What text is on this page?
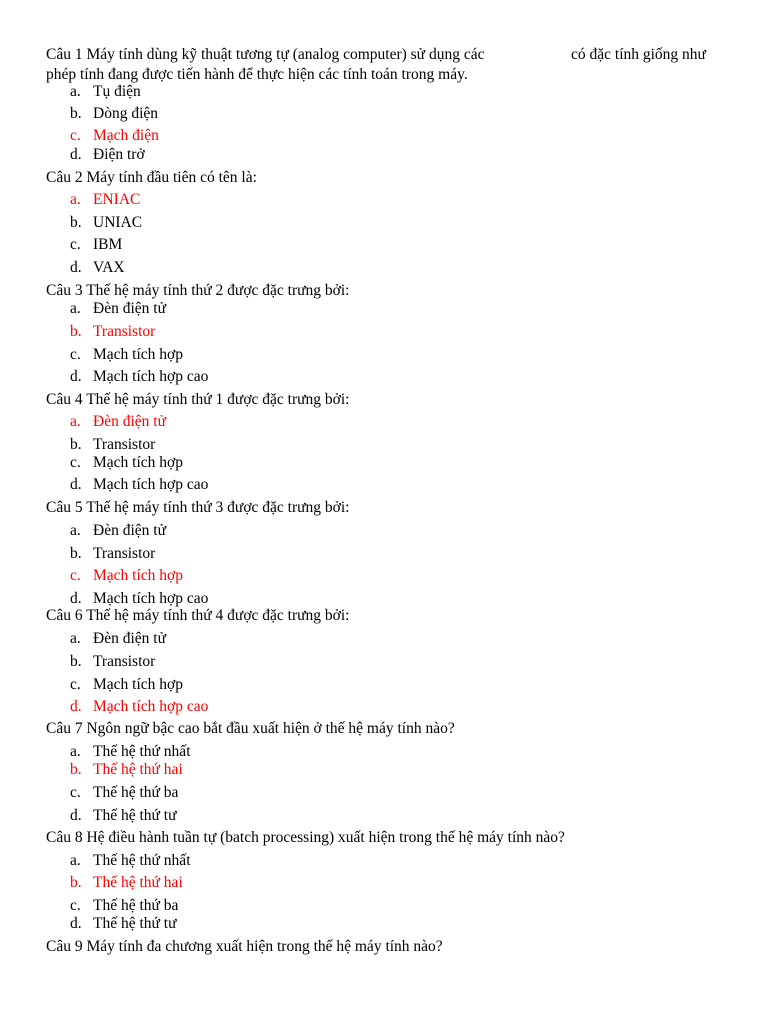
Câu 1 Máy tính dùng kỹ thuật tương tự (analog computer) sử dụng các	có đặc tính giống như
phép tính đang được tiến hành để thực hiện các tính toán trong máy.
a. Tụ điện
b. Dòng điện
c. Mạch điện
d. Điện trở
Câu 2 Máy tính đầu tiên có tên là:
a. ENIAC
b. UNIAC
c. IBM
d. VAX
Câu 3 Thế hệ máy tính thứ 2 được đặc trưng bởi:
a. Đèn điện tử
b. Transistor
c. Mạch tích hợp
d. Mạch tích hợp cao
Câu 4 Thế hệ máy tính thứ 1 được đặc trưng bởi:
a. Đèn điện tử
b. Transistor
c. Mạch tích hợp
d. Mạch tích hợp cao
Câu 5 Thế hệ máy tính thứ 3 được đặc trưng bởi:
a. Đèn điện tử
b. Transistor
c. Mạch tích hợp
d. Mạch tích hợp cao
Câu 6 Thế hệ máy tính thứ 4 được đặc trưng bởi:
a. Đèn điện tử
b. Transistor
c. Mạch tích hợp
d. Mạch tích hợp cao
Câu 7 Ngôn ngữ bậc cao bắt đầu xuất hiện ở thế hệ máy tính nào?
a. Thế hệ thứ nhất
b. Thế hệ thứ hai
c. Thế hệ thứ ba
d. Thế hệ thứ tư
Câu 8 Hệ điều hành tuần tự (batch processing) xuất hiện trong thế hệ máy tính nào?
a. Thế hệ thứ nhất
b. Thế hệ thứ hai
c. Thế hệ thứ ba
d. Thế hệ thứ tư
Câu 9 Máy tính đa chương xuất hiện trong thế hệ máy tính nào?
